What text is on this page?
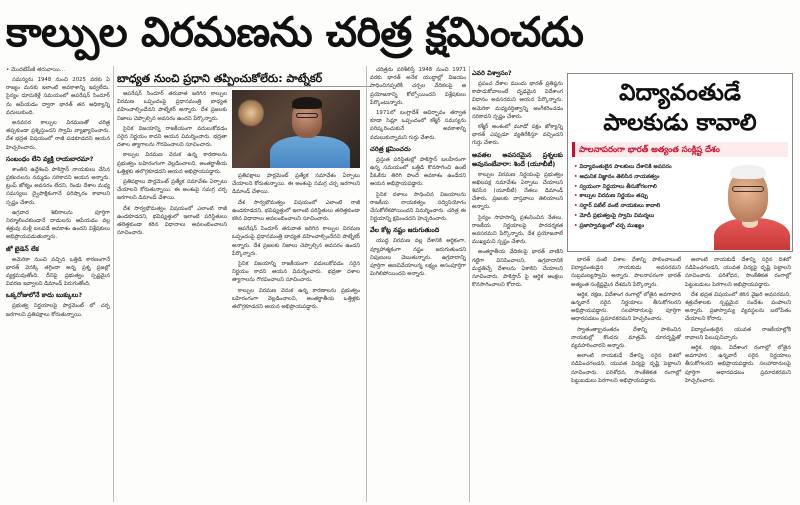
కాల్పుల విరమణను చరిత్ర క్షమించదు
• మొదటిపేజీ తరువాయి...

సమస్యను 1948 నుంచి 2025 వరకు ఏ రాజ్యం మనకు ఇలాంటి అవకాశాన్ని ఇవ్వలేదు. సైన్యం దూసుకెళ్లే సమయంలో ఆపరేషన్ సిందూర్ ను ఆపేయడం ద్వారా భారత్ తన ఆధిక్యాన్ని వదులుకుంది.

అనవసర కాల్పుల విరమణతో చరిత్ర తప్పకుండా ప్రశ్నిస్తుందని స్వామి వ్యాఖ్యానించారు. దేశ భద్రత విషయంలో రాజీ పడకూడదని ఆయన హెచ్చరించారు.

సంబంధం లేని వ్యక్తి రాయబారమా?

శాంతిని ఉద్దేశించి పాకిస్తాన్ నాయకులు చేసిన ప్రకటనలను నమ్మడం సరికాదని ఆయన అన్నారు. ట్రంప్ జోక్యం అవసరం లేదని, రెండు దేశాల మధ్య సమస్యలు ద్వైపాక్షికంగానే పరిష్కారం కావాలని స్పష్టం చేశారు.

ఉగ్రవాద శిబిరాలను పూర్తిగా నిర్మూలించకుండానే దాడులను ఆపేయడం వల్ల శత్రువు మళ్లీ బలపడే అవకాశం ఉందని విశ్లేషకులు అభిప్రాయపడుతున్నారు.

జో బైడెన్ లేక

అమెరికా నుంచి వచ్చిన ఒత్తిడి కారణంగానే భారత్ వెనక్కి తగ్గిందా అన్న ప్రశ్న ప్రజల్లో వ్యక్తమవుతోంది. దీనిపై ప్రభుత్వం స్పష్టమైన వివరణ ఇవ్వాలని డిమాండ్ పెరుగుతోంది.

ఒక్కరోజులోనే కాదు బుక్కులు?

ప్రభుత్వ నిర్ణయాలపై పార్లమెంట్ లో చర్చ జరగాలని ప్రతిపక్షాలు కోరుతున్నాయి.

బాధ్యత నుంచి ప్రధాని తప్పించుకోలేరు: పాట్నేకర్

ఆపరేషన్ సిందూర్ తరువాత జరిగిన కాల్పుల విరమణ ఒప్పందంపై ప్రధానమంత్రి బాధ్యత వహించాల్సిందేనని పాట్నేకర్ అన్నారు. దేశ ప్రజలకు నిజాలు చెప్పాల్సిన అవసరం ఉందని పేర్కొన్నారు.

సైనిక విజయాన్ని రాజకీయంగా వదులుకోవడం సరైన నిర్ణయం కాదని ఆయన విమర్శించారు. భద్రతా దళాల త్యాగాలను గౌరవించాలని సూచించారు.

కాల్పుల విరమణ వెనుక ఉన్న కారణాలను ప్రభుత్వం బహిరంగంగా వెల్లడించాలని, అంతర్జాతీయ ఒత్తిళ్లకు తలొగ్గకూడదని ఆయన అభిప్రాయపడ్డారు.

ప్రతిపక్షాలు పార్లమెంట్ ప్రత్యేక సమావేశం ఏర్పాటు చేయాలని కోరుతున్నాయి. ఈ అంశంపై సమగ్ర చర్చ జరగాలని డిమాండ్ చేశాయి.

దేశ సార్వభౌమత్వం విషయంలో ఎలాంటి రాజీ ఉండకూడదని, భవిష్యత్తులో ఇలాంటి పరిస్థితులు తలెత్తకుండా కఠిన విధానాలు అవలంబించాలని సూచించారు.

ప్రతిపక్షాలు పార్లమెంట్ ప్రత్యేక సమావేశం ఏర్పాటు చేయాలని కోరుతున్నాయి. ఈ అంశంపై సమగ్ర చర్చ జరగాలని డిమాండ్ చేశాయి.

దేశ సార్వభౌమత్వం విషయంలో ఎలాంటి రాజీ ఉండకూడదని, భవిష్యత్తులో ఇలాంటి పరిస్థితులు తలెత్తకుండా కఠిన విధానాలు అవలంబించాలని సూచించారు.

ఆపరేషన్ సిందూర్ తరువాత జరిగిన కాల్పుల విరమణ ఒప్పందంపై ప్రధానమంత్రి బాధ్యత వహించాల్సిందేనని పాట్నేకర్ అన్నారు. దేశ ప్రజలకు నిజాలు చెప్పాల్సిన అవసరం ఉందని పేర్కొన్నారు.

సైనిక విజయాన్ని రాజకీయంగా వదులుకోవడం సరైన నిర్ణయం కాదని ఆయన విమర్శించారు. భద్రతా దళాల త్యాగాలను గౌరవించాలని సూచించారు.

కాల్పుల విరమణ వెనుక ఉన్న కారణాలను ప్రభుత్వం బహిరంగంగా వెల్లడించాలని, అంతర్జాతీయ ఒత్తిళ్లకు తలొగ్గకూడదని ఆయన అభిప్రాయపడ్డారు.

చరిత్రను పరిశీలిస్తే 1948 నుంచి 1971 వరకు భారత్ అనేక యుద్ధాల్లో విజయం సాధించినప్పటికీ చర్చల వేదికలపై ఆ ప్రయోజనాన్ని కోల్పోయిందని విశ్లేషకులు పేర్కొంటున్నారు.

1971లో బంగ్లాదేశ్ ఆవిర్భావం తర్వాత కూడా సిమ్లా ఒప్పందంలో కశ్మీర్ సమస్యను పరిష్కరించుకునే అవకాశాన్ని వదులుకున్నామని గుర్తు చేశారు.

చరిత్ర క్షమించదు

ప్రస్తుత పరిస్థితుల్లో పాకిస్తాన్ బలహీనంగా ఉన్న సమయంలో ఒత్తిడి కొనసాగించి ఉంటే పీఓకేను తిరిగి పొందే అవకాశం ఉండేదని ఆయన అభిప్రాయపడ్డారు.

సైనిక దళాలు సాధించిన విజయాలను రాజకీయ నాయకత్వం సద్వినియోగం చేసుకోలేకపోయిందని విమర్శించారు. చరిత్ర ఈ నిర్ణయాన్ని క్షమించదని హెచ్చరించారు.

వేల కోట్ల నష్టం జరుగుతుంది

యుద్ధ విరమణ వల్ల దేశానికి ఆర్థికంగా, వ్యూహాత్మకంగా నష్టం జరుగుతుందని నిపుణులు చెబుతున్నారు. ఉగ్రవాదాన్ని పూర్తిగా అణచివేయాలన్న లక్ష్యం అసంపూర్తిగా మిగిలిపోయిందని అన్నారు.

ఎవరి విశ్వాసం?

ప్రపంచ దేశాల ముందు భారత్ ప్రతిష్ఠను కాపాడుకోవాలంటే దృఢమైన విదేశాంగ విధానం అవసరమని ఆయన పేర్కొన్నారు. అమెరికా మధ్యవర్తిత్వాన్ని అంగీకరించడం సరికాదని స్పష్టం చేశారు.

కశ్మీర్ అంశంలో మూడో పక్షం జోక్యాన్ని భారత్ ఎప్పుడూ వ్యతిరేకిస్తూ వచ్చిందని గుర్తు చేశారు.

అవతల అవసరమైన ప్రశ్నలకు అవునంటేవారా: శిందే (యూబీటీ)

కాల్పుల విరమణ నిర్ణయంపై ప్రభుత్వం అఖిలపక్ష సమావేశం ఏర్పాటు చేయాలని శివసేన (యూబీటీ) నేతలు డిమాండ్ చేశారు. ప్రజలకు వాస్తవాలు తెలియాలని అన్నారు.

సైన్యం సాహసాన్ని ప్రశంసించిన నేతలు, రాజకీయ నిర్ణయాలపై పారదర్శకత అవసరమని పేర్కొన్నారు. దేశ ప్రయోజనాలే ముఖ్యమని స్పష్టం చేశారు.

అంతర్జాతీయ వేదికలపై భారత్ వాణిని గట్టిగా వినిపించాలని, ఉగ్రవాదానికి మద్దతిచ్చే దేశాలను ఏకాకిని చేయాలని సూచించారు. పాకిస్తాన్ పై ఆర్థిక ఆంక్షలు కొనసాగించాలని కోరారు.

విద్యావంతుడే
పాలకుడు కావాలి
పాలనాపరంగా భారత్ అత్యంత సంక్లిష్ట దేశం
• విద్యావంతులైన పాలకులు దేశానికి అవసరం
• ఆధునిక విజ్ఞానం తెలిసిన నాయకత్వం
• స్వయంగా నిర్ణయాలు తీసుకోగలగాలి
• కాల్పుల విరమణ నిర్ణయం తప్పు
• సర్దార్ పటేల్ వంటి నాయకులు కావాలి
• మోదీ ప్రభుత్వంపై స్వామి విమర్శలు
• ప్రజాస్వామ్యంలో చర్చ ముఖ్యం

భారత్ వంటి విశాల దేశాన్ని పాలించాలంటే విద్యావంతుడైన నాయకుడు అవసరమని సుబ్రమణ్యస్వామి అన్నారు. పాలనాపరంగా భారత్ అత్యంత సంక్లిష్టమైన దేశమని పేర్కొన్నారు.

ఆర్థిక, రక్షణ, విదేశాంగ రంగాల్లో లోతైన అవగాహన ఉన్నవారే సరైన నిర్ణయాలు తీసుకోగలరని అభిప్రాయపడ్డారు. సలహాదారులపై పూర్తిగా ఆధారపడటం ప్రమాదకరమని హెచ్చరించారు.

స్వాతంత్య్రానంతరం దేశాన్ని పాలించిన నాయకుల్లో కొందరు మాత్రమే దూరదృష్టితో వ్యవహరించారని అన్నారు.

అలాంటి నాయకుడే దేశాన్ని సరైన దిశలో నడిపించగలడని, యువత విద్యపై దృష్టి పెట్టాలని సూచించారు. పరిశోధన, సాంకేతికత రంగాల్లో పెట్టుబడులు పెరగాలని అభిప్రాయపడ్డారు.

అలాంటి నాయకుడే దేశాన్ని సరైన దిశలో నడిపించగలడని, యువత విద్యపై దృష్టి పెట్టాలని సూచించారు. పరిశోధన, సాంకేతికత రంగాల్లో పెట్టుబడులు పెరగాలని అభిప్రాయపడ్డారు.

దేశ భద్రత విషయంలో కఠిన వైఖరి అవసరమని, శత్రుదేశాలకు స్పష్టమైన సందేశం పంపాలని అన్నారు. ప్రజాస్వామ్య వ్యవస్థలను బలోపేతం చేయాలని కోరారు.

విద్యావంతులైన యువత రాజకీయాల్లోకి రావాలని పిలుపునిచ్చారు.

ఆర్థిక, రక్షణ, విదేశాంగ రంగాల్లో లోతైన అవగాహన ఉన్నవారే సరైన నిర్ణయాలు తీసుకోగలరని అభిప్రాయపడ్డారు. సలహాదారులపై పూర్తిగా ఆధారపడటం ప్రమాదకరమని హెచ్చరించారు.
